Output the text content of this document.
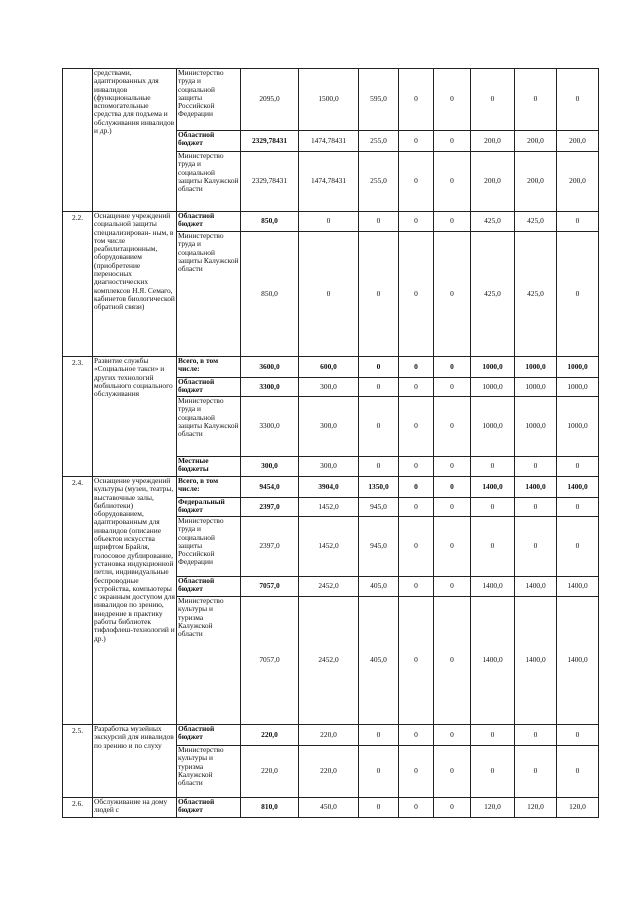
	средствами, адаптированных для инвалидов (функциональные вспомогательные средства для подъема и обслуживания инвалидов и др.)	Министерство труда и социальной защиты Российской Федерации	2095,0	1500,0	595,0	0	0	0	0	0
		Областной бюджет	2329,78431	1474,78431	255,0	0	0	200,0	200,0	200,0
		Министерство труда и социальной защиты Калужской области	2329,78431	1474,78431	255,0	0	0	200,0	200,0	200,0
2.2.	Оснащение учреждений социальной защиты специализирован- ным, в том числе реабилитационным, оборудованием (приобретение переносных диагностических комплексов Н.Я. Семаго, кабинетов биологической обратной связи)	Областной бюджет	850,0	0	0	0	0	425,0	425,0	0
		Министерство труда и социальной защиты Калужской области	850,0	0	0	0	0	425,0	425,0	0
2.3.	Развитие службы «Социальное такси» и других технологий мобильного социального обслуживания	Всего, в том числе:	3600,0	600,0	0	0	0	1000,0	1000,0	1000,0
		Областной бюджет	3300,0	300,0	0	0	0	1000,0	1000,0	1000,0
		Министерство труда и социальной защиты Калужской области	3300,0	300,0	0	0	0	1000,0	1000,0	1000,0
		Местные бюджеты	300,0	300,0	0	0	0	0	0	0
2.4.	Оснащение учреждений культуры (музеи, театры, выставочные залы, библиотеки) оборудованием, адаптированным для инвалидов (описание объектов искусства шрифтом Брайля, голосовое дублирование, установка индукционной петли, индивидуальные беспроводные устройства, компьютеры с экранным доступом для инвалидов по зрению, внедрение в практику работы библиотек тифлофлеш-технологий и др.)	Всего, в том числе:	9454,0	3904,0	1350,0	0	0	1400,0	1400,0	1400,0
		Федеральный бюджет	2397,0	1452,0	945,0	0	0	0	0	0
		Министерство труда и социальной защиты Российской Федерации	2397,0	1452,0	945,0	0	0	0	0	0
		Областной бюджет	7057,0	2452,0	405,0	0	0	1400,0	1400,0	1400,0
		Министерство культуры и туризма Калужской области	7057,0	2452,0	405,0	0	0	1400,0	1400,0	1400,0
2.5.	Разработка музейных экскурсий для инвалидов по зрению и по слуху	Областной бюджет	220,0	220,0	0	0	0	0	0	0
		Министерство культуры и туризма Калужской области	220,0	220,0	0	0	0	0	0	0
2.6.	Обслуживание на дому людей с	Областной бюджет	810,0	450,0	0	0	0	120,0	120,0	120,0
